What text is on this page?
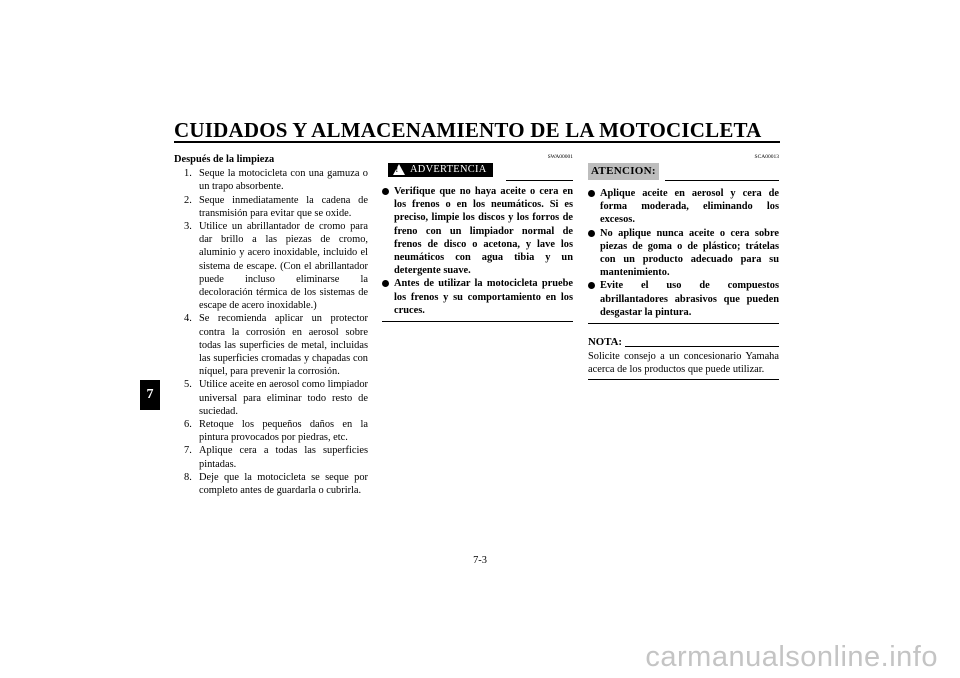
CUIDADOS Y ALMACENAMIENTO DE LA MOTOCICLETA
7
Después de la limpieza
1. Seque la motocicleta con una gamuza o un trapo absorbente.
2. Seque inmediatamente la cadena de transmisión para evitar que se oxide.
3. Utilice un abrillantador de cromo para dar brillo a las piezas de cromo, aluminio y acero inoxidable, incluido el sistema de escape. (Con el abrillantador puede incluso eliminarse la decoloración térmica de los sistemas de escape de acero inoxidable.)
4. Se recomienda aplicar un protector contra la corrosión en aerosol sobre todas las superficies de metal, incluidas las superficies cromadas y chapadas con níquel, para prevenir la corrosión.
5. Utilice aceite en aerosol como limpiador universal para eliminar todo resto de suciedad.
6. Retoque los pequeños daños en la pintura provocados por piedras, etc.
7. Aplique cera a todas las superficies pintadas.
8. Deje que la motocicleta se seque por completo antes de guardarla o cubrirla.
SWA00001
!	ADVERTENCIA
Verifique que no haya aceite o cera en los frenos o en los neumáticos. Si es preciso, limpie los discos y los forros de freno con un limpiador normal de frenos de disco o acetona, y lave los neumáticos con agua tibia y un detergente suave.
Antes de utilizar la motocicleta pruebe los frenos y su comportamiento en los cruces.
SCA00013
ATENCION:
Aplique aceite en aerosol y cera de forma moderada, eliminando los excesos.
No aplique nunca aceite o cera sobre piezas de goma o de plástico; trátelas con un producto adecuado para su mantenimiento.
Evite el uso de compuestos abrillantadores abrasivos que pueden desgastar la pintura.
NOTA:
Solicite consejo a un concesionario Yamaha acerca de los productos que puede utilizar.
7-3
carmanualsonline.info
